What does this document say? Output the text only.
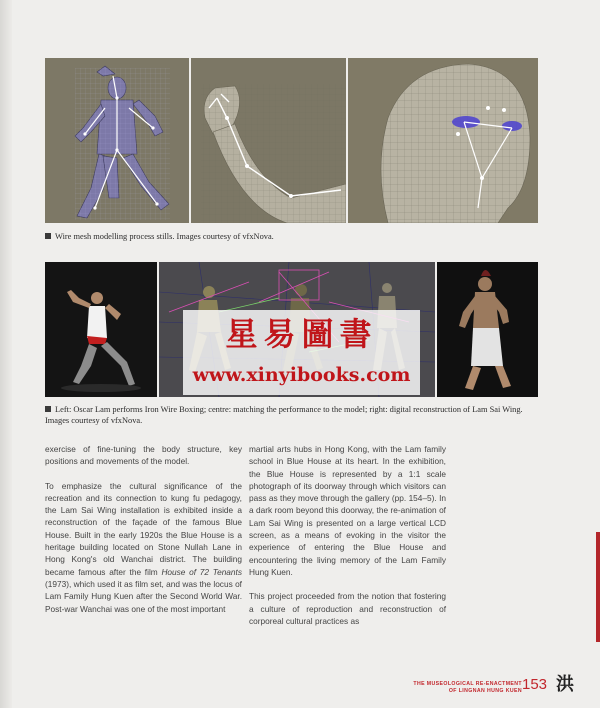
Wire mesh modelling process stills. Images courtesy of vfxNova.
星易圖書
www.xinyibooks.com
Left: Oscar Lam performs Iron Wire Boxing; centre: matching the performance to the model; right: digital reconstruction of Lam Sai Wing. Images courtesy of vfxNova.

exercise of fine-tuning the body structure, key positions and movements of the model.

To emphasize the cultural significance of the recreation and its connection to kung fu pedagogy, the Lam Sai Wing installation is exhibited inside a reconstruction of the façade of the famous Blue House. Built in the early 1920s the Blue House is a heritage building located on Stone Nullah Lane in Hong Kong's old Wanchai district. The building became famous after the film House of 72 Tenants (1973), which used it as film set, and was the locus of Lam Family Hung Kuen after the Second World War. Post-war Wanchai was one of the most important

martial arts hubs in Hong Kong, with the Lam family school in Blue House at its heart. In the exhibition, the Blue House is represented by a 1:1 scale photograph of its doorway through which visitors can pass as they move through the gallery (pp. 154–5). In a dark room beyond this doorway, the re-animation of Lam Sai Wing is presented on a large vertical LCD screen, as a means of evoking in the visitor the experience of entering the Blue House and encountering the living memory of the Lam Family Hung Kuen.

This project proceeded from the notion that fostering a culture of reproduction and reconstruction of corporeal cultural practices as

THE MUSEOLOGICAL RE-ENACTMENT
OF LINGNAN HUNG KUEN 153 洪
